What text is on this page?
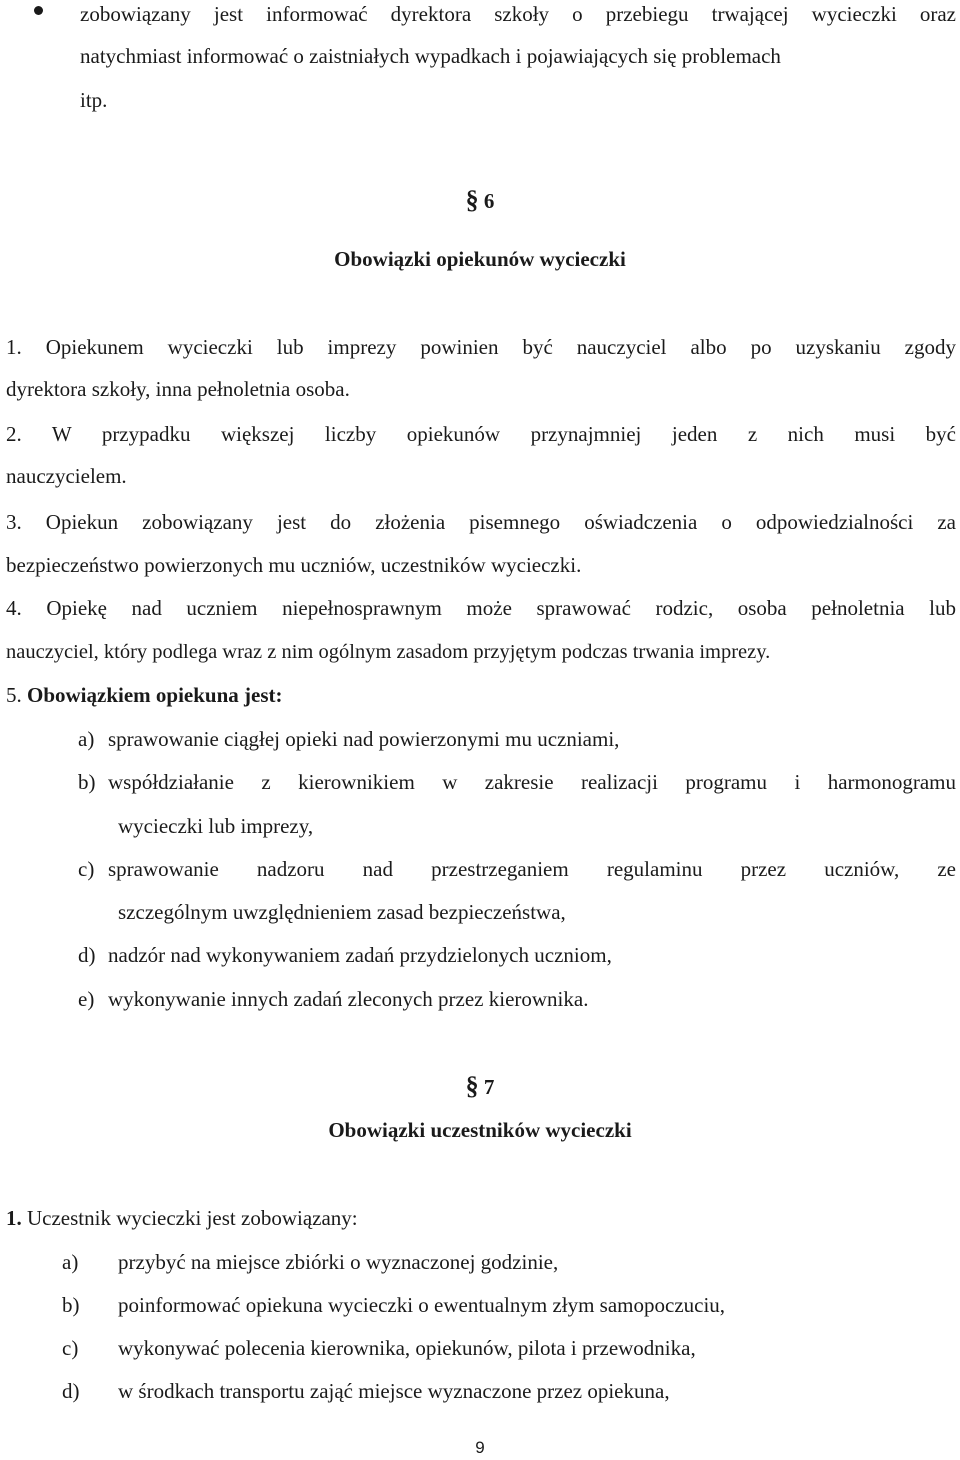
zobowiązany jest informować dyrektora szkoły o przebiegu trwającej wycieczki oraz
natychmiast informować o zaistniałych wypadkach i pojawiających się problemach
itp.
§ 6
Obowiązki opiekunów wycieczki
1. Opiekunem wycieczki lub imprezy powinien być nauczyciel albo po uzyskaniu zgody
dyrektora szkoły, inna pełnoletnia osoba.
2. W przypadku większej liczby opiekunów przynajmniej jeden z nich musi być
nauczycielem.
3. Opiekun zobowiązany jest do złożenia pisemnego oświadczenia o odpowiedzialności za
bezpieczeństwo powierzonych mu uczniów, uczestników wycieczki.
4. Opiekę nad uczniem niepełnosprawnym może sprawować rodzic, osoba pełnoletnia lub
nauczyciel, który podlega wraz z nim ogólnym zasadom przyjętym podczas trwania imprezy.
5. Obowiązkiem opiekuna jest:
a) sprawowanie ciągłej opieki nad powierzonymi mu uczniami,
b) współdziałanie z kierownikiem w zakresie realizacji programu i harmonogramu
wycieczki lub imprezy,
c) sprawowanie nadzoru nad przestrzeganiem regulaminu przez uczniów, ze
szczególnym uwzględnieniem zasad bezpieczeństwa,
d) nadzór nad wykonywaniem zadań przydzielonych uczniom,
e) wykonywanie innych zadań zleconych przez kierownika.
§ 7
Obowiązki uczestników wycieczki
1. Uczestnik wycieczki jest zobowiązany:
a) przybyć na miejsce zbiórki o wyznaczonej godzinie,
b) poinformować opiekuna wycieczki o ewentualnym złym samopoczuciu,
c) wykonywać polecenia kierownika, opiekunów, pilota i przewodnika,
d) w środkach transportu zająć miejsce wyznaczone przez opiekuna,
9
